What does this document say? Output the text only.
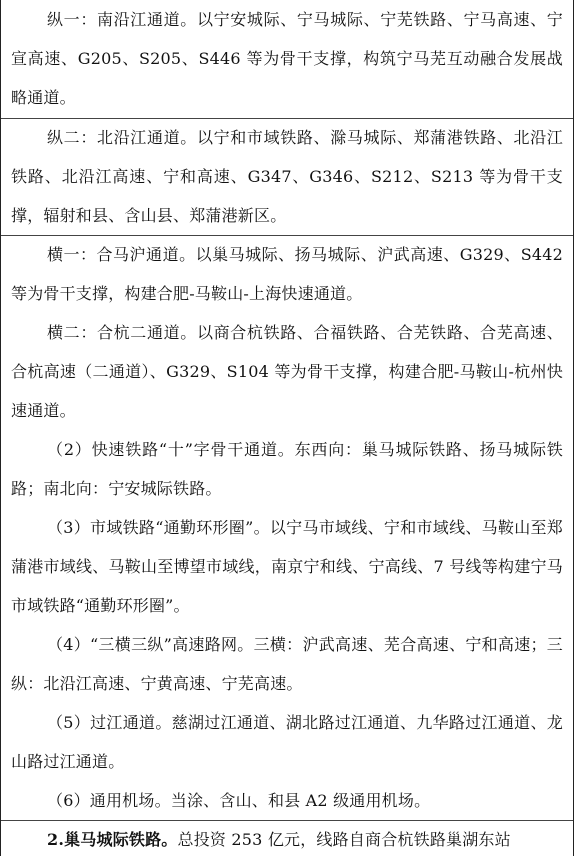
纵一：南沿江通道。以宁安城际、宁马城际、宁芜铁路、宁马高速、宁宣高速、G205、S205、S446 等为骨干支撑，构筑宁马芜互动融合发展战略通道。

纵二：北沿江通道。以宁和市域铁路、滁马城际、郑蒲港铁路、北沿江铁路、北沿江高速、宁和高速、G347、G346、S212、S213 等为骨干支撑，辐射和县、含山县、郑蒲港新区。

横一：合马沪通道。以巢马城际、扬马城际、沪武高速、G329、S442 等为骨干支撑，构建合肥-马鞍山-上海快速通道。

横二：合杭二通道。以商合杭铁路、合福铁路、合芜铁路、合芜高速、合杭高速（二通道）、G329、S104 等为骨干支撑，构建合肥-马鞍山-杭州快速通道。

（2）快速铁路“十”字骨干通道。东西向：巢马城际铁路、扬马城际铁路；南北向：宁安城际铁路。

（3）市域铁路“通勤环形圈”。以宁马市域线、宁和市域线、马鞍山至郑蒲港市域线、马鞍山至博望市域线，南京宁和线、宁高线、7 号线等构建宁马市域铁路“通勤环形圈”。

（4）“三横三纵”高速路网。三横：沪武高速、芜合高速、宁和高速；三纵：北沿江高速、宁黄高速、宁芜高速。

（5）过江通道。慈湖过江通道、湖北路过江通道、九华路过江通道、龙山路过江通道。

（6）通用机场。当涂、含山、和县 A2 级通用机场。

2.巢马城际铁路。总投资 253 亿元，线路自商合杭铁路巢湖东站
